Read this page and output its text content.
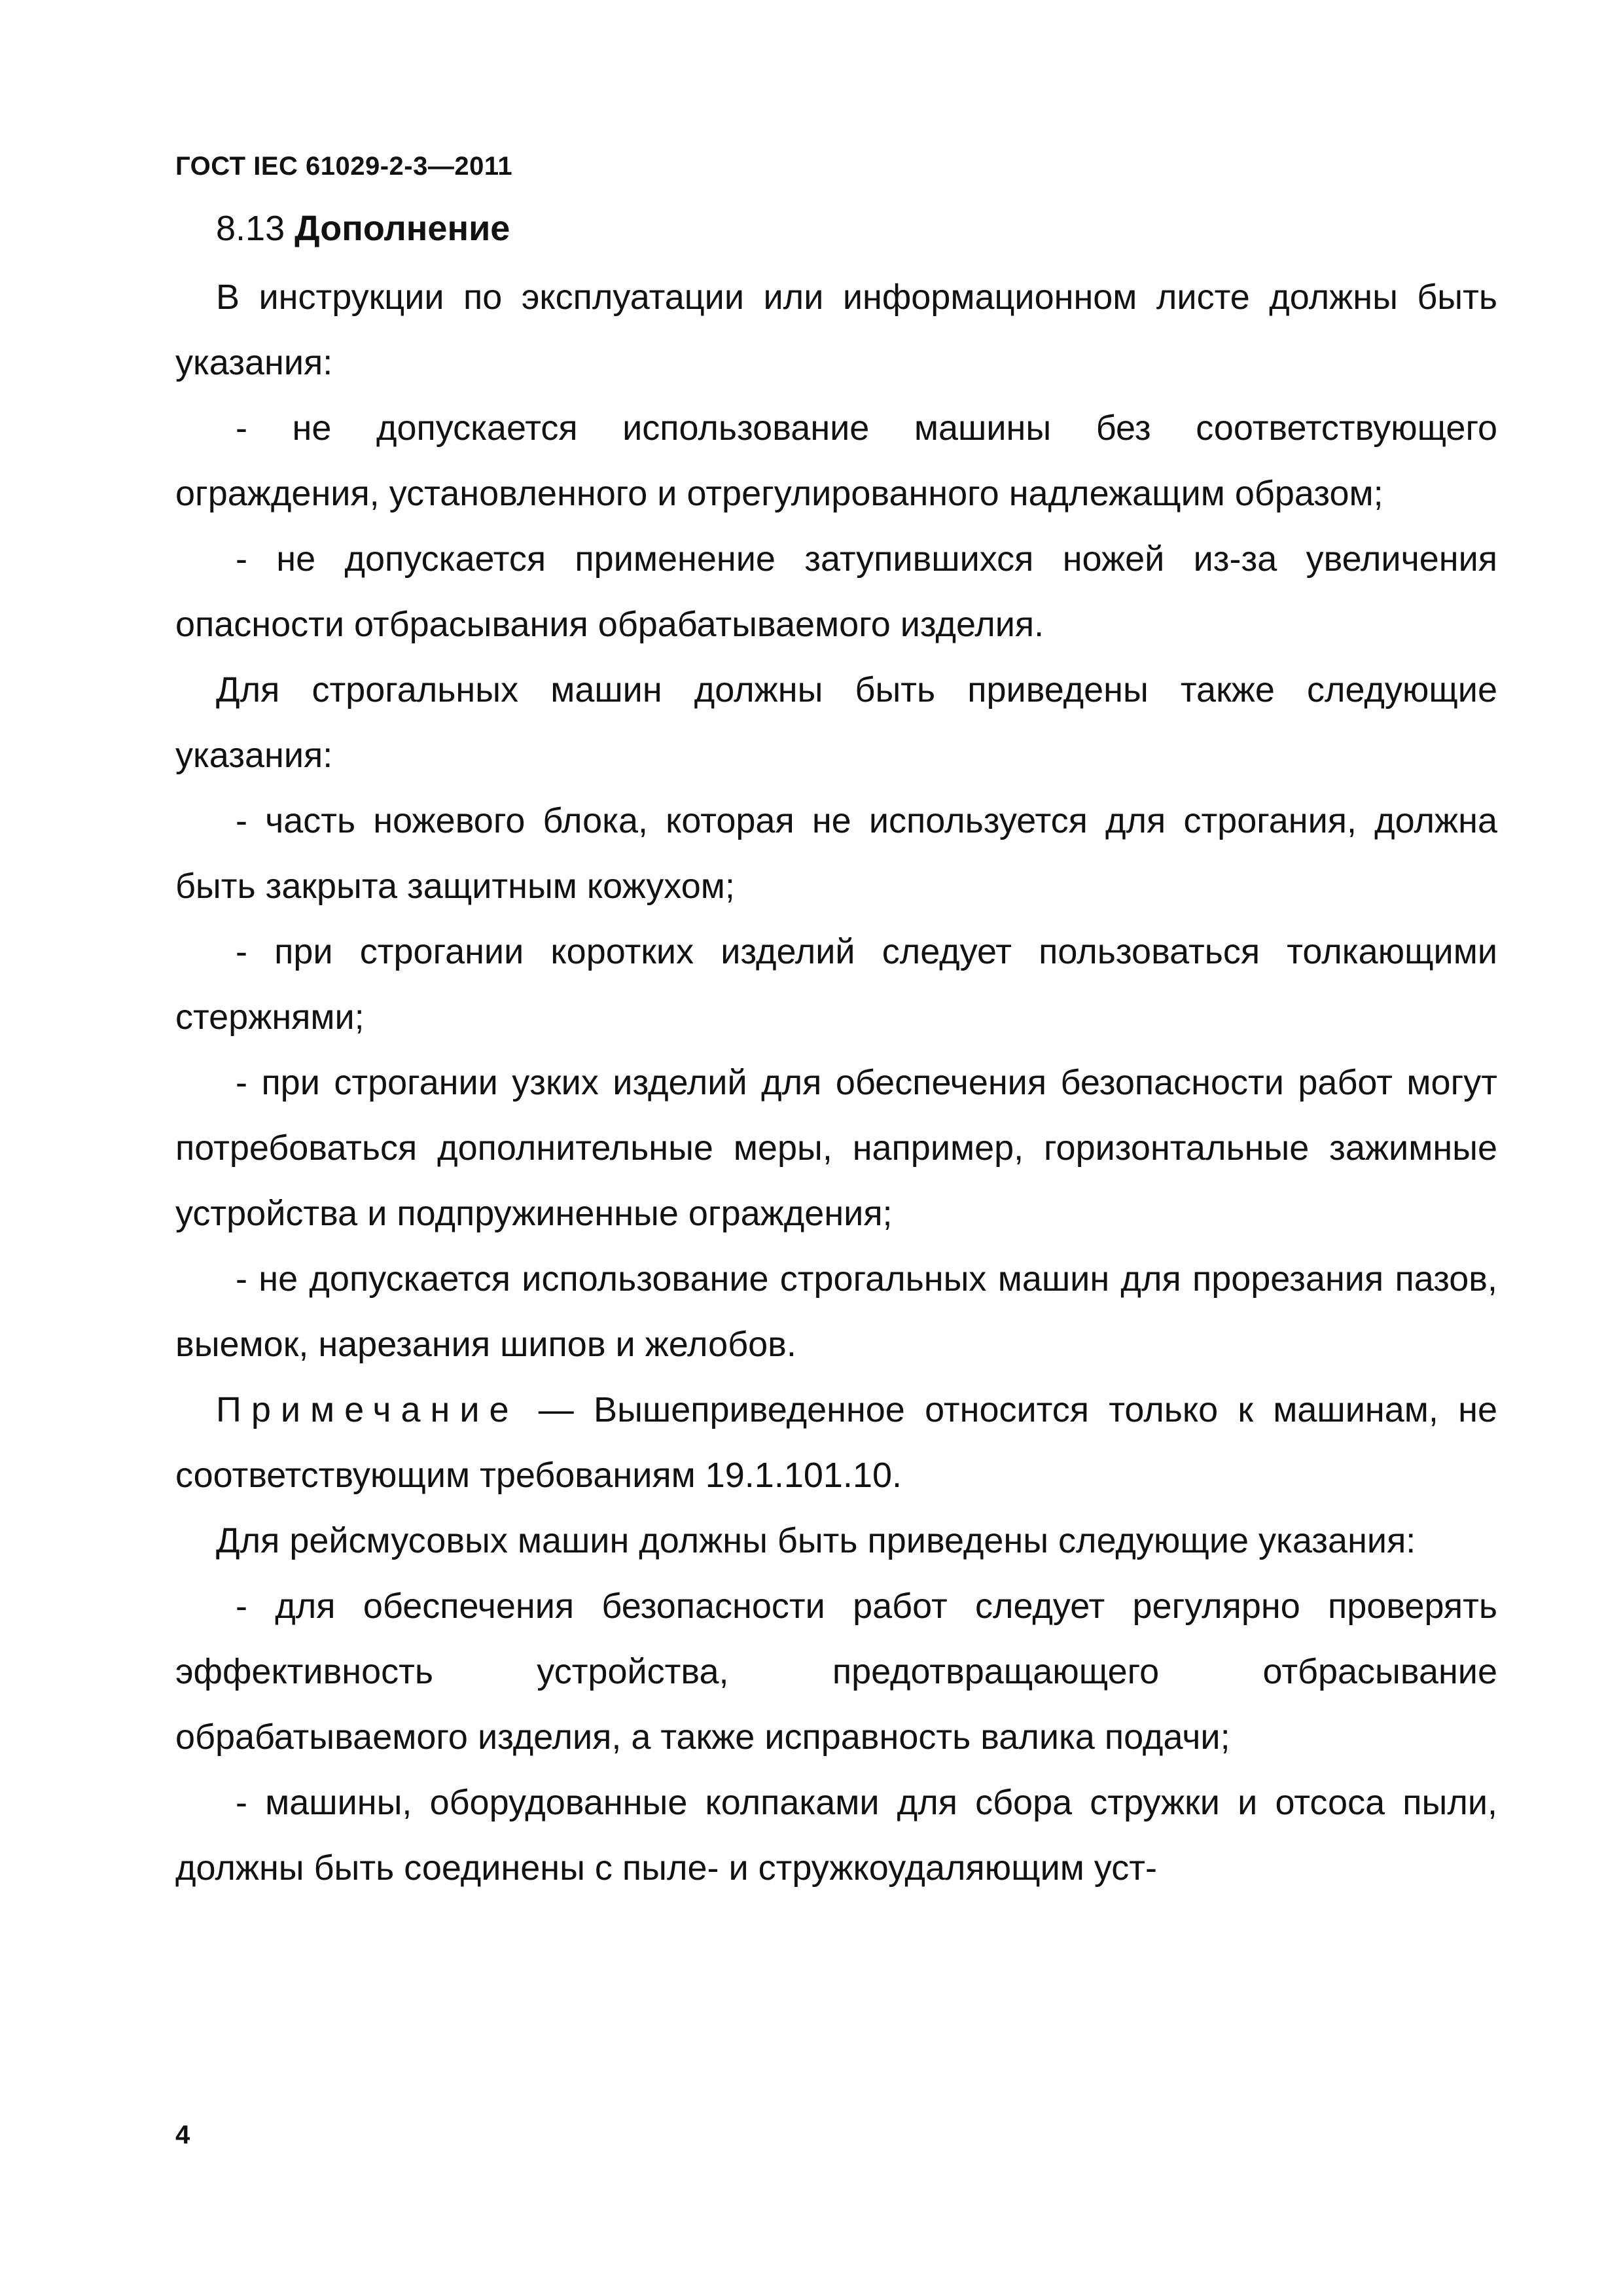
ГОСТ IEC 61029-2-3—2011

8.13 Дополнение

В инструкции по эксплуатации или информационном листе должны быть указания:

- не допускается использование машины без соответствующего ограждения, установленного и отрегулированного надлежащим образом;

- не допускается применение затупившихся ножей из-за увеличения опасности отбрасывания обрабатываемого изделия.

Для строгальных машин должны быть приведены также следующие указания:

- часть ножевого блока, которая не используется для строгания, должна быть закрыта защитным кожухом;

- при строгании коротких изделий следует пользоваться толкающими стержнями;

- при строгании узких изделий для обеспечения безопасности работ могут потребоваться дополнительные меры, например, горизонтальные зажимные устройства и подпружиненные ограждения;

- не допускается использование строгальных машин для прорезания пазов, выемок, нарезания шипов и желобов.

Примечание — Вышеприведенное относится только к машинам, не соответствующим требованиям 19.1.101.10.

Для рейсмусовых машин должны быть приведены следующие указания:

- для обеспечения безопасности работ следует регулярно проверять эффективность устройства, предотвращающего отбрасывание обрабатываемого изделия, а также исправность валика подачи;

- машины, оборудованные колпаками для сбора стружки и отсоса пыли, должны быть соединены с пыле- и стружкоудаляющим уст-

4
